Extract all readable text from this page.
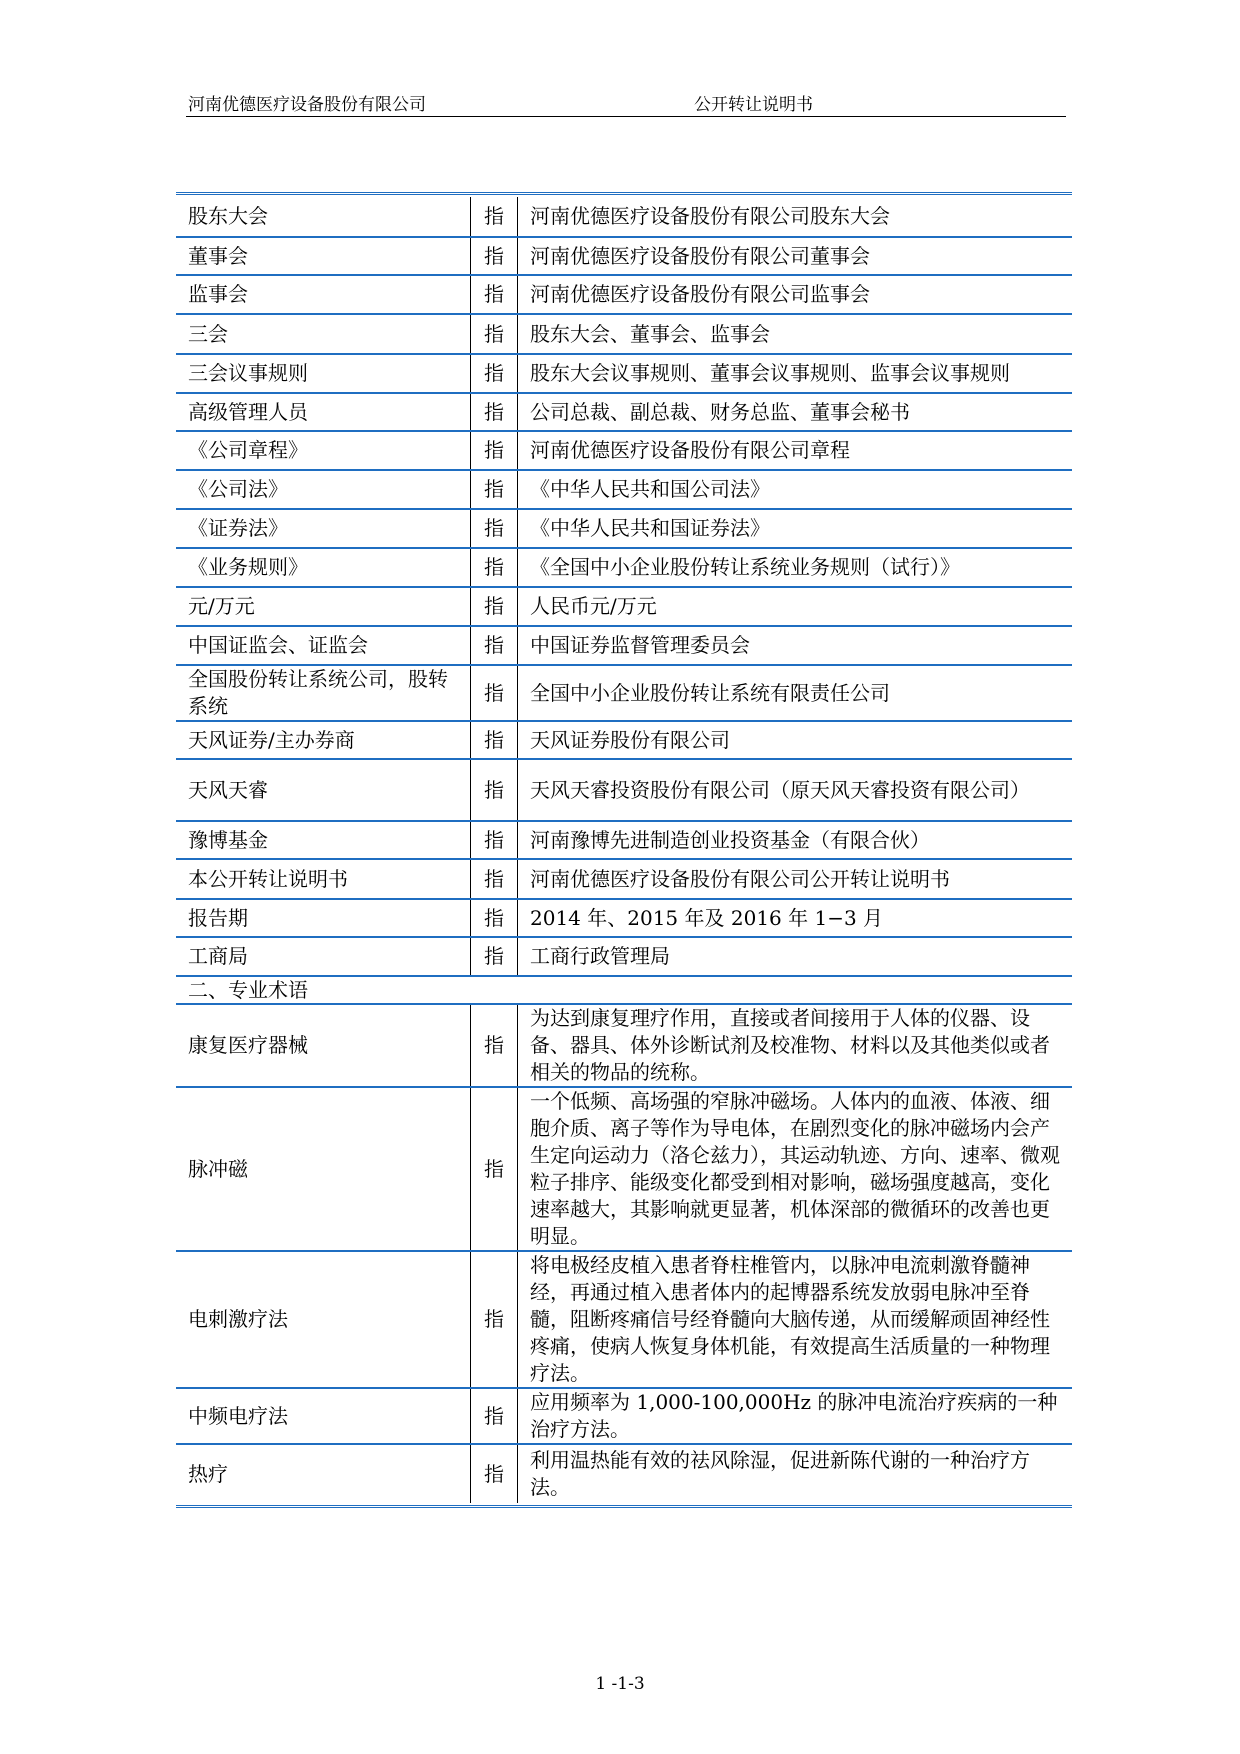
河南优德医疗设备股份有限公司	公开转让说明书
股东大会	指	河南优德医疗设备股份有限公司股东大会
董事会	指	河南优德医疗设备股份有限公司董事会
监事会	指	河南优德医疗设备股份有限公司监事会
三会	指	股东大会、董事会、监事会
三会议事规则	指	股东大会议事规则、董事会议事规则、监事会议事规则
高级管理人员	指	公司总裁、副总裁、财务总监、董事会秘书
《公司章程》	指	河南优德医疗设备股份有限公司章程
《公司法》	指	《中华人民共和国公司法》
《证券法》	指	《中华人民共和国证券法》
《业务规则》	指	《全国中小企业股份转让系统业务规则（试行）》
元/万元	指	人民币元/万元
中国证监会、证监会	指	中国证券监督管理委员会
全国股份转让系统公司，股转系统	指	全国中小企业股份转让系统有限责任公司
天风证券/主办券商	指	天风证券股份有限公司
天风天睿	指	天风天睿投资股份有限公司（原天风天睿投资有限公司）
豫博基金	指	河南豫博先进制造创业投资基金（有限合伙）
本公开转让说明书	指	河南优德医疗设备股份有限公司公开转让说明书
报告期	指	2014 年、2015 年及 2016 年 1−3 月
工商局	指	工商行政管理局
二、专业术语		
康复医疗器械	指	为达到康复理疗作用，直接或者间接用于人体的仪器、设备、器具、体外诊断试剂及校准物、材料以及其他类似或者相关的物品的统称。
脉冲磁	指	一个低频、高场强的窄脉冲磁场。人体内的血液、体液、细胞介质、离子等作为导电体，在剧烈变化的脉冲磁场内会产生定向运动力（洛仑兹力），其运动轨迹、方向、速率、微观粒子排序、能级变化都受到相对影响，磁场强度越高，变化速率越大，其影响就更显著，机体深部的微循环的改善也更明显。
电刺激疗法	指	将电极经皮植入患者脊柱椎管内，以脉冲电流刺激脊髓神经，再通过植入患者体内的起博器系统发放弱电脉冲至脊髓，阻断疼痛信号经脊髓向大脑传递，从而缓解顽固神经性疼痛，使病人恢复身体机能，有效提高生活质量的一种物理疗法。
中频电疗法	指	应用频率为 1,000-100,000Hz 的脉冲电流治疗疾病的一种治疗方法。
热疗	指	利用温热能有效的祛风除湿，促进新陈代谢的一种治疗方法。
1 -1-3
